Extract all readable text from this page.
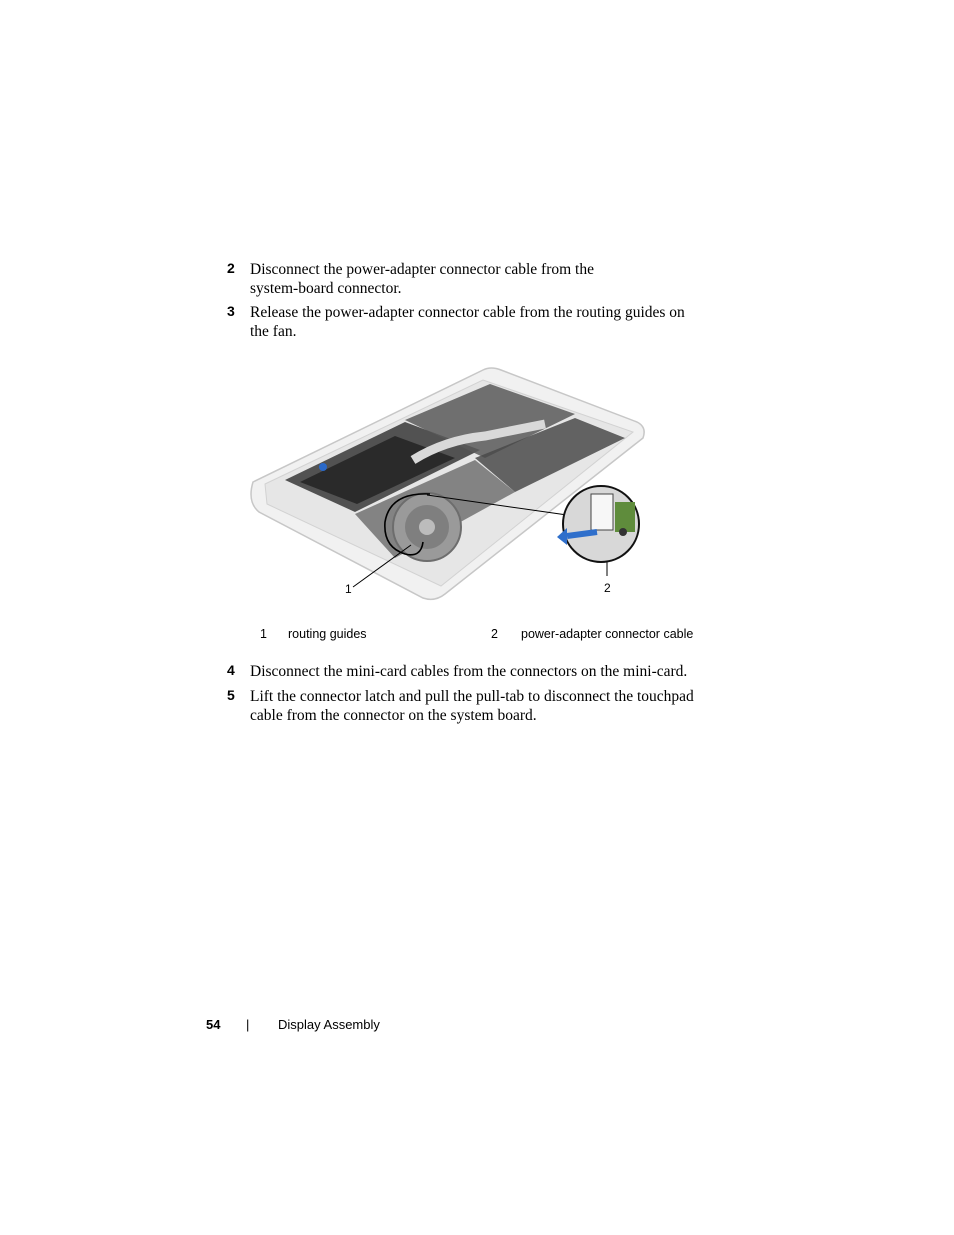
2 Disconnect the power-adapter connector cable from the system-board connector.
3 Release the power-adapter connector cable from the routing guides on the fan.
1	2
1 routing guides	2 power-adapter connector cable
4 Disconnect the mini-card cables from the connectors on the mini-card.
5 Lift the connector latch and pull the pull-tab to disconnect the touchpad cable from the connector on the system board.
54 | Display Assembly
